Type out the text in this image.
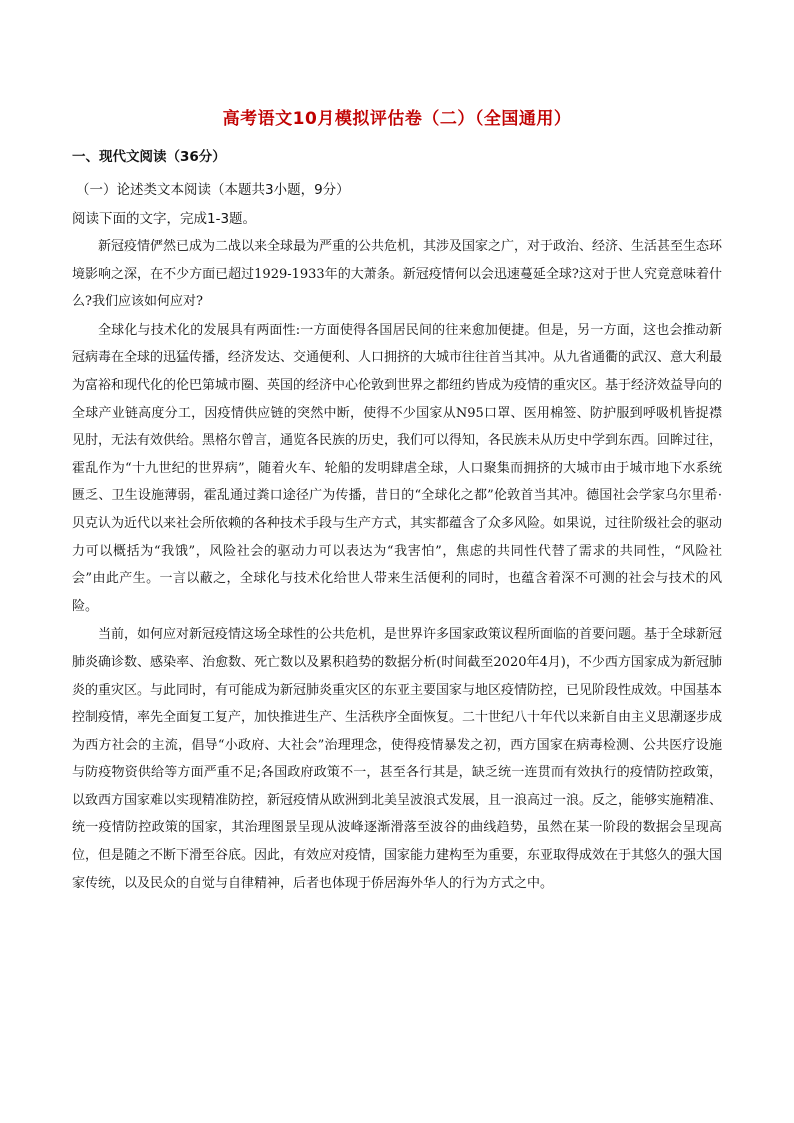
高考语文10月模拟评估卷（二）（全国通用）
一、现代文阅读（36分）
（一）论述类文本阅读（本题共3小题，9分）
阅读下面的文字，完成1-3题。

新冠疫情俨然已成为二战以来全球最为严重的公共危机，其涉及国家之广，对于政治、经济、生活甚至生态环境影响之深，在不少方面已超过1929-1933年的大萧条。新冠疫情何以会迅速蔓延全球?这对于世人究竟意味着什么?我们应该如何应对?

全球化与技术化的发展具有两面性:一方面使得各国居民间的往来愈加便捷。但是，另一方面，这也会推动新冠病毒在全球的迅猛传播，经济发达、交通便利、人口拥挤的大城市往往首当其冲。从九省通衢的武汉、意大利最为富裕和现代化的伦巴第城市圈、英国的经济中心伦敦到世界之都纽约皆成为疫情的重灾区。基于经济效益导向的全球产业链高度分工，因疫情供应链的突然中断，使得不少国家从N95口罩、医用棉签、防护服到呼吸机皆捉襟见肘，无法有效供给。黑格尔曾言，通览各民族的历史，我们可以得知，各民族未从历史中学到东西。回眸过往，霍乱作为“十九世纪的世界病”，随着火车、轮船的发明肆虐全球，人口聚集而拥挤的大城市由于城市地下水系统匮乏、卫生设施薄弱，霍乱通过粪口途径广为传播，昔日的“全球化之都”伦敦首当其冲。德国社会学家乌尔里希·贝克认为近代以来社会所依赖的各种技术手段与生产方式，其实都蕴含了众多风险。如果说，过往阶级社会的驱动力可以概括为“我饿”，风险社会的驱动力可以表达为“我害怕”，焦虑的共同性代替了需求的共同性，“风险社会”由此产生。一言以蔽之，全球化与技术化给世人带来生活便利的同时，也蕴含着深不可测的社会与技术的风险。

当前，如何应对新冠疫情这场全球性的公共危机，是世界许多国家政策议程所面临的首要问题。基于全球新冠肺炎确诊数、感染率、治愈数、死亡数以及累积趋势的数据分析(时间截至2020年4月)，不少西方国家成为新冠肺炎的重灾区。与此同时，有可能成为新冠肺炎重灾区的东亚主要国家与地区疫情防控，已见阶段性成效。中国基本控制疫情，率先全面复工复产，加快推进生产、生活秩序全面恢复。二十世纪八十年代以来新自由主义思潮逐步成为西方社会的主流，倡导“小政府、大社会”治理理念，使得疫情暴发之初，西方国家在病毒检测、公共医疗设施与防疫物资供给等方面严重不足;各国政府政策不一，甚至各行其是，缺乏统一连贯而有效执行的疫情防控政策，以致西方国家难以实现精准防控，新冠疫情从欧洲到北美呈波浪式发展，且一浪高过一浪。反之，能够实施精准、统一疫情防控政策的国家，其治理图景呈现从波峰逐渐滑落至波谷的曲线趋势，虽然在某一阶段的数据会呈现高位，但是随之不断下滑至谷底。因此，有效应对疫情，国家能力建构至为重要，东亚取得成效在于其悠久的强大国家传统，以及民众的自觉与自律精神，后者也体现于侨居海外华人的行为方式之中。
